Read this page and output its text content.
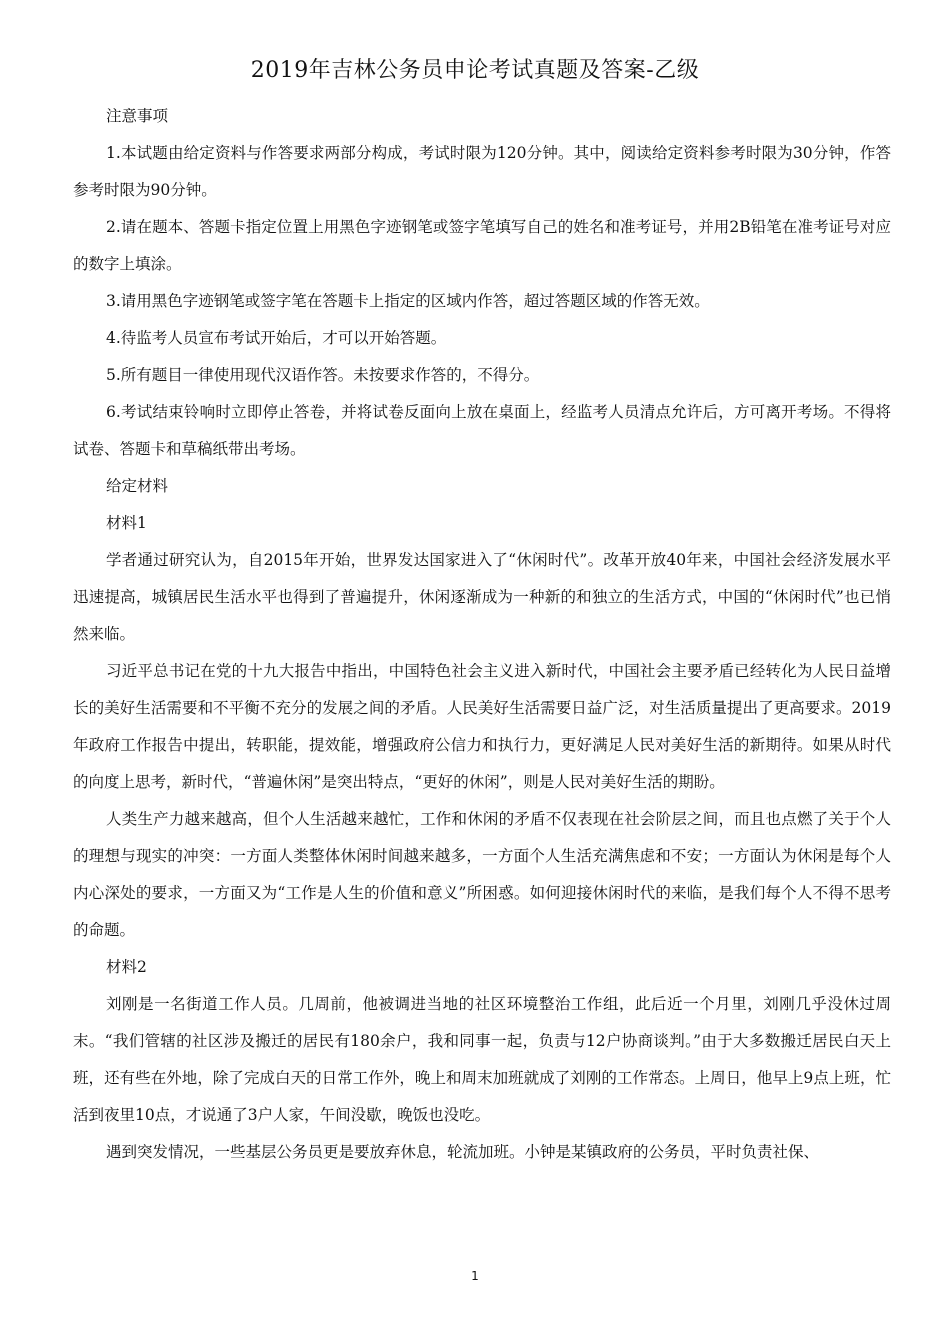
2019年吉林公务员申论考试真题及答案-乙级

注意事项

1.本试题由给定资料与作答要求两部分构成，考试时限为120分钟。其中，阅读给定资料参考时限为30分钟，作答参考时限为90分钟。

2.请在题本、答题卡指定位置上用黑色字迹钢笔或签字笔填写自己的姓名和准考证号，并用2B铅笔在准考证号对应的数字上填涂。

3.请用黑色字迹钢笔或签字笔在答题卡上指定的区域内作答，超过答题区域的作答无效。

4.待监考人员宣布考试开始后，才可以开始答题。

5.所有题目一律使用现代汉语作答。未按要求作答的，不得分。

6.考试结束铃响时立即停止答卷，并将试卷反面向上放在桌面上，经监考人员清点允许后，方可离开考场。不得将试卷、答题卡和草稿纸带出考场。

给定材料

材料1

学者通过研究认为，自2015年开始，世界发达国家进入了“休闲时代”。改革开放40年来，中国社会经济发展水平迅速提高，城镇居民生活水平也得到了普遍提升，休闲逐渐成为一种新的和独立的生活方式，中国的“休闲时代”也已悄然来临。

习近平总书记在党的十九大报告中指出，中国特色社会主义进入新时代，中国社会主要矛盾已经转化为人民日益增长的美好生活需要和不平衡不充分的发展之间的矛盾。人民美好生活需要日益广泛，对生活质量提出了更高要求。2019年政府工作报告中提出，转职能，提效能，增强政府公信力和执行力，更好满足人民对美好生活的新期待。如果从时代的向度上思考，新时代，“普遍休闲”是突出特点，“更好的休闲”，则是人民对美好生活的期盼。

人类生产力越来越高，但个人生活越来越忙，工作和休闲的矛盾不仅表现在社会阶层之间，而且也点燃了关于个人的理想与现实的冲突：一方面人类整体休闲时间越来越多，一方面个人生活充满焦虑和不安；一方面认为休闲是每个人内心深处的要求，一方面又为“工作是人生的价值和意义”所困惑。如何迎接休闲时代的来临，是我们每个人不得不思考的命题。

材料2

刘刚是一名街道工作人员。几周前，他被调进当地的社区环境整治工作组，此后近一个月里，刘刚几乎没休过周末。“我们管辖的社区涉及搬迁的居民有180余户，我和同事一起，负责与12户协商谈判。”由于大多数搬迁居民白天上班，还有些在外地，除了完成白天的日常工作外，晚上和周末加班就成了刘刚的工作常态。上周日，他早上9点上班，忙活到夜里10点，才说通了3户人家，午间没歇，晚饭也没吃。

遇到突发情况，一些基层公务员更是要放弃休息，轮流加班。小钟是某镇政府的公务员，平时负责社保、

1
